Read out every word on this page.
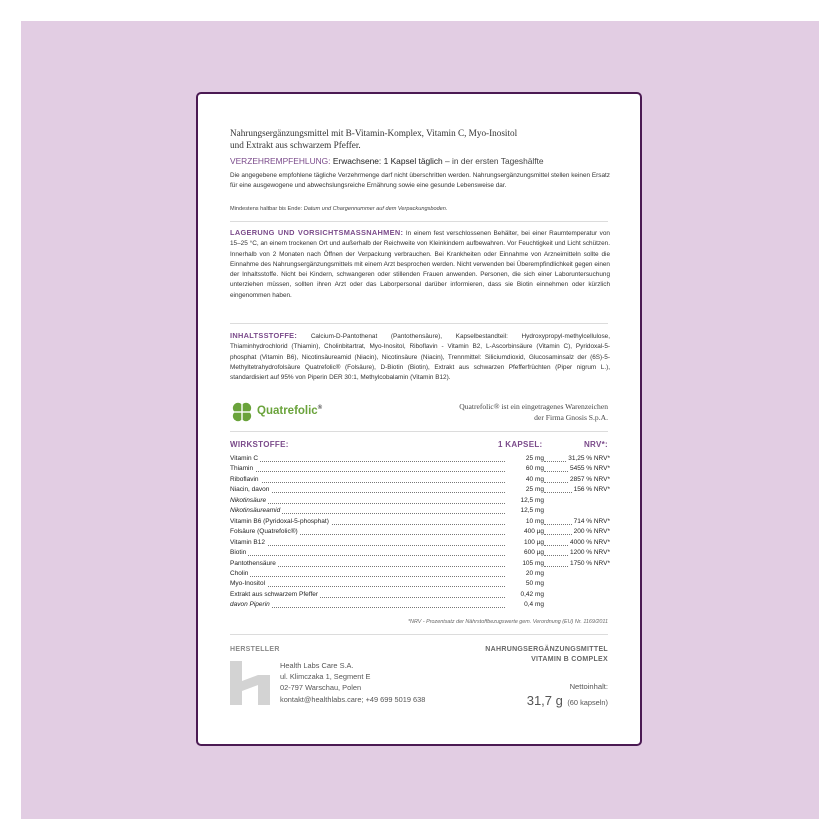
Nahrungsergänzungsmittel mit B-Vitamin-Komplex, Vitamin C, Myo-Inositol
und Extrakt aus schwarzem Pfeffer.
VERZEHREMPFEHLUNG: Erwachsene: 1 Kapsel täglich – in der ersten Tageshälfte
Die angegebene empfohlene tägliche Verzehrmenge darf nicht überschritten werden. Nahrungsergänzungsmittel stellen keinen Ersatz für eine ausgewogene und abwechslungsreiche Ernährung sowie eine gesunde Lebensweise dar.
Mindestens haltbar bis Ende: Datum und Chargennummer auf dem Verpackungsboden.
LAGERUNG UND VORSICHTSMASSNAHMEN: In einem fest verschlossenen Behälter, bei einer Raumtemperatur von 15–25 °C, an einem trockenen Ort und außerhalb der Reichweite von Kleinkindern aufbewahren. Vor Feuchtigkeit und Licht schützen. Innerhalb von 2 Monaten nach Öffnen der Verpackung verbrauchen. Bei Krankheiten oder Einnahme von Arzneimitteln sollte die Einnahme des Nahrungsergänzungsmittels mit einem Arzt besprochen werden. Nicht verwenden bei Überempfindlichkeit gegen einen der Inhaltsstoffe. Nicht bei Kindern, schwangeren oder stillenden Frauen anwenden. Personen, die sich einer Laboruntersuchung unterziehen müssen, sollten ihren Arzt oder das Laborpersonal darüber informieren, dass sie Biotin einnehmen oder kürzlich eingenommen haben.
INHALTSSTOFFE: Calcium-D-Pantothenat (Pantothensäure), Kapselbestandteil: Hydroxypropyl-methylcellulose, Thiaminhydrochlorid (Thiamin), Cholinbitartrat, Myo-Inositol, Riboflavin - Vitamin B2, L-Ascorbinsäure (Vitamin C), Pyridoxal-5-phosphat (Vitamin B6), Nicotinsäureamid (Niacin), Nicotinsäure (Niacin), Trennmittel: Siliciumdioxid, Glucosaminsalz der (6S)-5-Methyltetrahydrofolsäure Quatrefolic® (Folsäure), D-Biotin (Biotin), Extrakt aus schwarzen Pfefferfrüchten (Piper nigrum L.), standardisiert auf 95% von Piperin DER 30:1, Methylcobalamin (Vitamin B12).
Quatrefolic®	Quatrefolic® ist ein eingetragenes Warenzeichen
der Firma Gnosis S.p.A.
WIRKSTOFFE:	1 KAPSEL:	NRV*:
Vitamin C	25 mg	31,25 % NRV*
Thiamin	60 mg	5455 % NRV*
Riboflavin	40 mg	2857 % NRV*
Niacin, davon	25 mg	156 % NRV*
Nikotinsäure	12,5 mg
Nikotinsäureamid	12,5 mg
Vitamin B6 (Pyridoxal-5-phosphat)	10 mg	714 % NRV*
Folsäure (Quatrefolic®)	400 µg	200 % NRV*
Vitamin B12	100 µg	4000 % NRV*
Biotin	600 µg	1200 % NRV*
Pantothensäure	105 mg	1750 % NRV*
Cholin	20 mg
Myo-Inositol	50 mg
Extrakt aus schwarzem Pfeffer	0,42 mg
davon Piperin	0,4 mg
*NRV - Prozentsatz der Nährstoffbezugswerte gem. Verordnung (EU) Nr. 1169/2011
HERSTELLER
Health Labs Care S.A.
ul. Klimczaka 1, Segment E
02-797 Warschau, Polen
kontakt@healthlabs.care; +49 699 5019 638
NAHRUNGSERGÄNZUNGSMITTEL
VITAMIN B COMPLEX
Nettoinhalt:
31,7 g (60 kapseln)
